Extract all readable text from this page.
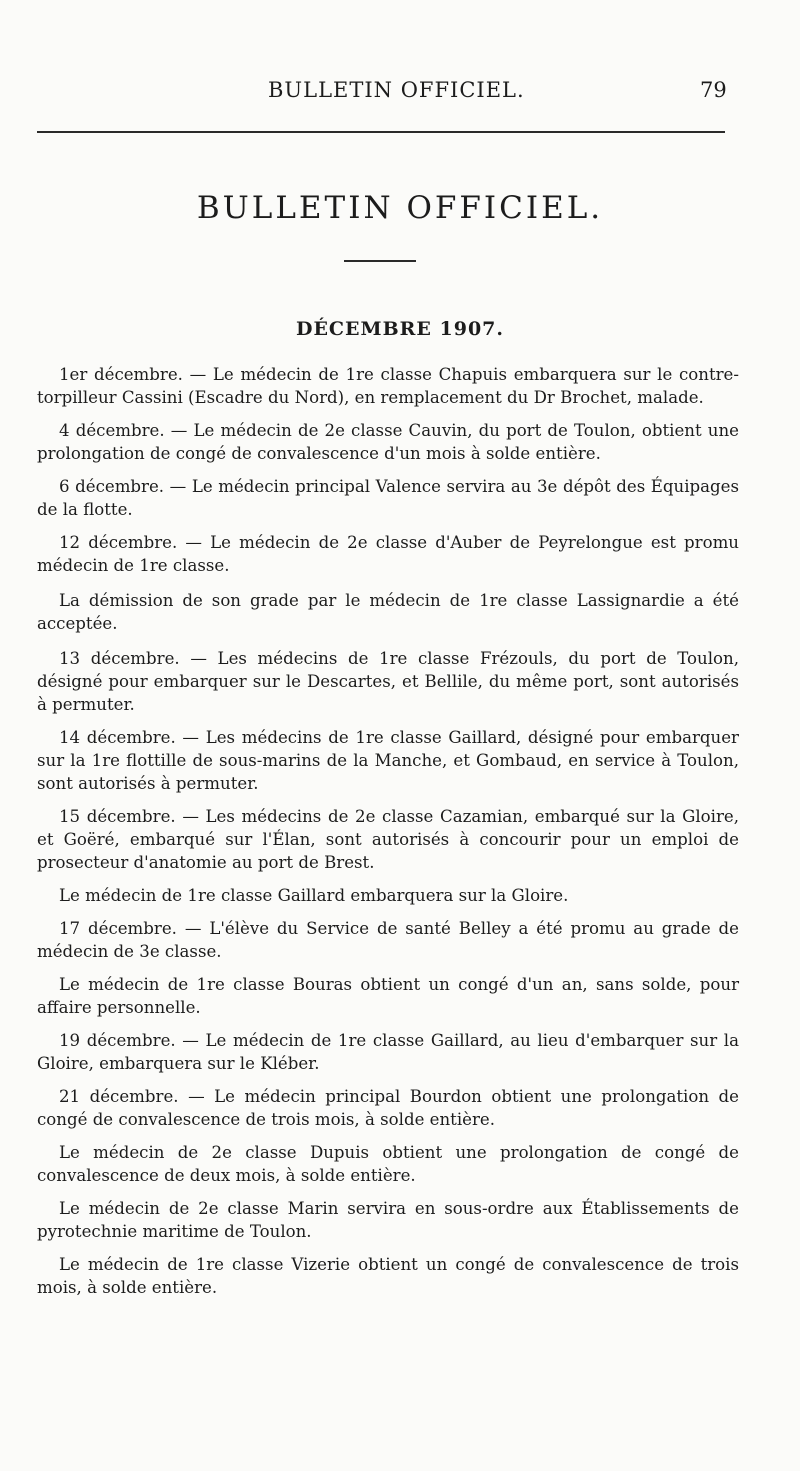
BULLETIN OFFICIEL.	79
BULLETIN OFFICIEL.
DÉCEMBRE 1907.

1er décembre. — Le médecin de 1re classe Chapuis embarquera sur le contre-torpilleur Cassini (Escadre du Nord), en remplacement du Dr Brochet, malade.

4 décembre. — Le médecin de 2e classe Cauvin, du port de Toulon, obtient une prolongation de congé de convalescence d'un mois à solde entière.

6 décembre. — Le médecin principal Valence servira au 3e dépôt des Équipages de la flotte.

12 décembre. — Le médecin de 2e classe d'Auber de Peyrelongue est promu médecin de 1re classe.

La démission de son grade par le médecin de 1re classe Lassignardie a été acceptée.

13 décembre. — Les médecins de 1re classe Frézouls, du port de Toulon, désigné pour embarquer sur le Descartes, et Bellile, du même port, sont autorisés à permuter.

14 décembre. — Les médecins de 1re classe Gaillard, désigné pour embarquer sur la 1re flottille de sous-marins de la Manche, et Gombaud, en service à Toulon, sont autorisés à permuter.

15 décembre. — Les médecins de 2e classe Cazamian, embarqué sur la Gloire, et Goëré, embarqué sur l'Élan, sont autorisés à concourir pour un emploi de prosecteur d'anatomie au port de Brest.

Le médecin de 1re classe Gaillard embarquera sur la Gloire.

17 décembre. — L'élève du Service de santé Belley a été promu au grade de médecin de 3e classe.

Le médecin de 1re classe Bouras obtient un congé d'un an, sans solde, pour affaire personnelle.

19 décembre. — Le médecin de 1re classe Gaillard, au lieu d'embarquer sur la Gloire, embarquera sur le Kléber.

21 décembre. — Le médecin principal Bourdon obtient une prolongation de congé de convalescence de trois mois, à solde entière.

Le médecin de 2e classe Dupuis obtient une prolongation de congé de convalescence de deux mois, à solde entière.

Le médecin de 2e classe Marin servira en sous-ordre aux Établissements de pyrotechnie maritime de Toulon.

Le médecin de 1re classe Vizerie obtient un congé de convalescence de trois mois, à solde entière.
